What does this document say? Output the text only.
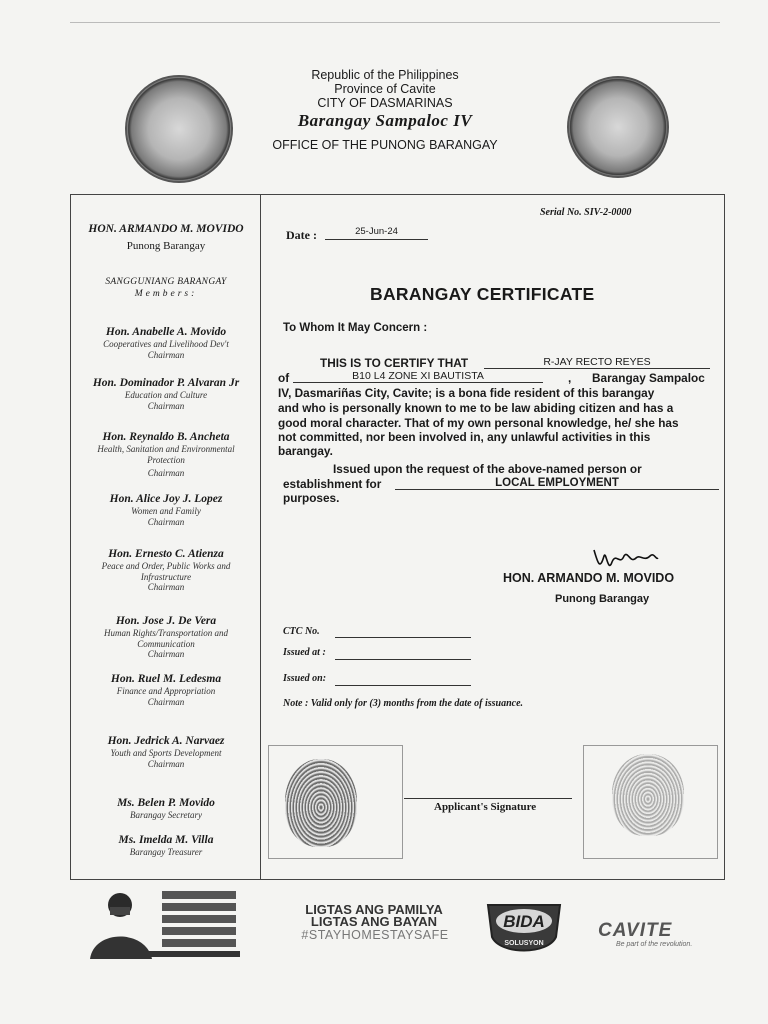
Republic of the Philippines
Province of Cavite
CITY OF DASMARINAS
Barangay Sampaloc IV
OFFICE OF THE PUNONG BARANGAY
HON. ARMANDO M. MOVIDO
Punong Barangay
SANGGUNIANG BARANGAY
Members:
Hon. Anabelle A. Movido
Cooperatives and Livelihood Dev't
Chairman
Hon. Dominador P. Alvaran Jr
Education and Culture
Chairman
Hon. Reynaldo B. Ancheta
Health, Sanitation and Environmental Protection
Chairman
Hon. Alice Joy J. Lopez
Women and Family
Chairman
Hon. Ernesto C. Atienza
Peace and Order, Public Works and Infrastructure
Chairman
Hon. Jose J. De Vera
Human Rights/Transportation and Communication
Chairman
Hon. Ruel M. Ledesma
Finance and Appropriation
Chairman
Hon. Jedrick A. Narvaez
Youth and Sports Development
Chairman
Ms. Belen P. Movido
Barangay Secretary
Ms. Imelda M. Villa
Barangay Treasurer
Serial No. SIV-2-0000
Date :	25-Jun-24
BARANGAY CERTIFICATE
To Whom It May Concern :
THIS IS TO CERTIFY THAT	R-JAY RECTO REYES
of	B10 L4 ZONE XI BAUTISTA	, Barangay Sampaloc
IV, Dasmariñas City, Cavite; is a bona fide resident of this barangay
and who is personally known to me to be law abiding citizen and has a
good moral character. That of my own personal knowledge, he/ she has
not committed, nor been involved in, any unlawful activities in this
barangay.
Issued upon the request of the above-named person or
establishment for	LOCAL EMPLOYMENT
purposes.
HON. ARMANDO M. MOVIDO
Punong Barangay
CTC No.
Issued at :
Issued on:
Note : Valid only for (3) months from the date of issuance.
Applicant's Signature
LIGTAS ANG PAMILYA
LIGTAS ANG BAYAN
#STAYHOMESTAYSAFE
BIDA
SOLUSYON
CAVITE
Be part of the revolution.
